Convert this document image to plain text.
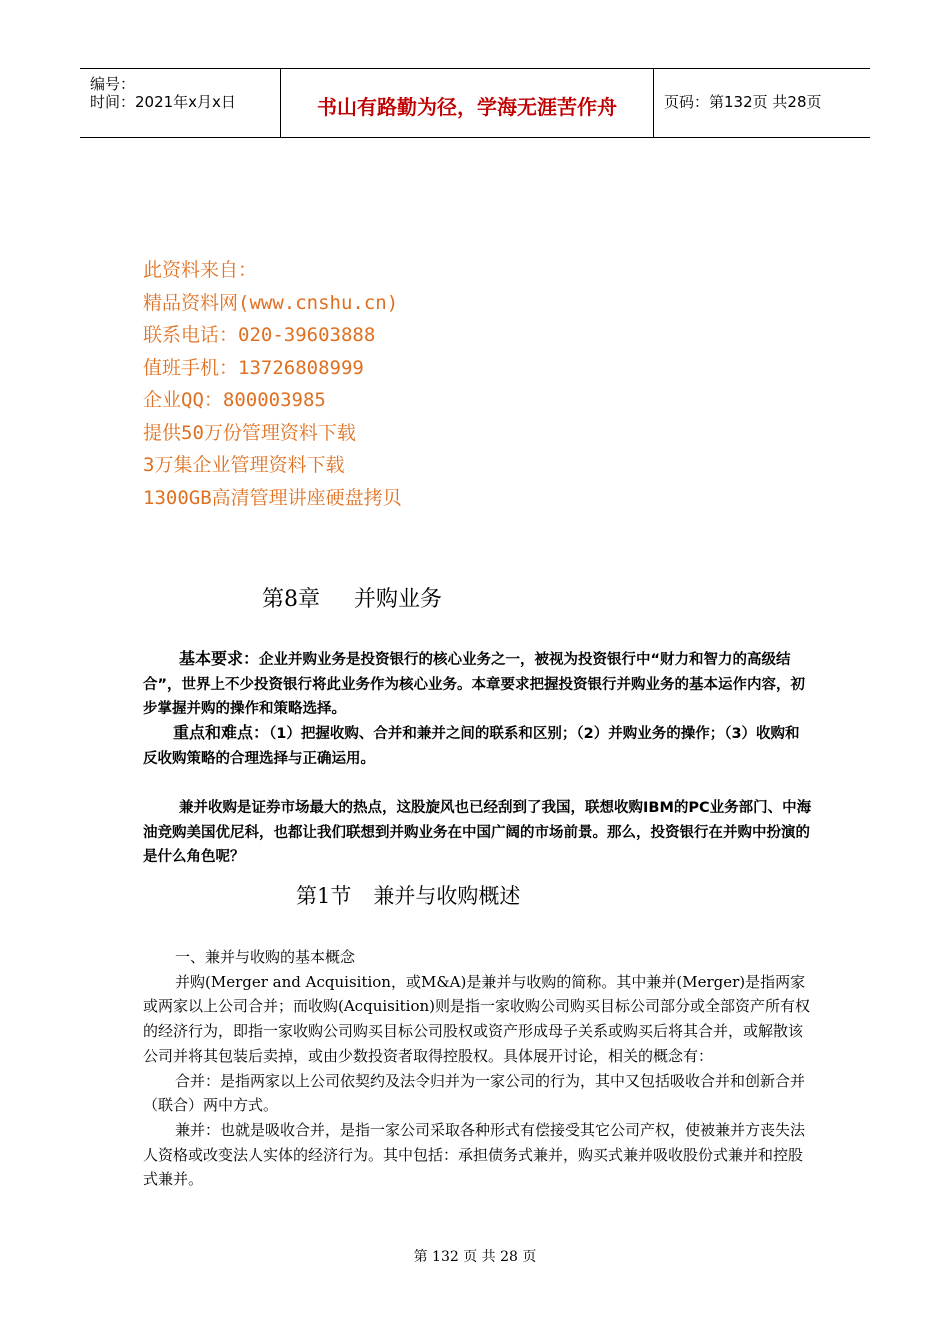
编号：
时间：2021年x月x日	书山有路勤为径，学海无涯苦作舟	页码：第132页 共28页
此资料来自：
精品资料网(www.cnshu.cn)
联系电话：020-39603888
值班手机：13726808999
企业QQ：800003985
提供50万份管理资料下载
3万集企业管理资料下载
1300GB高清管理讲座硬盘拷贝
第8章 并购业务
基本要求：企业并购业务是投资银行的核心业务之一，被视为投资银行中“财力和智力的高级结合”，世界上不少投资银行将此业务作为核心业务。本章要求把握投资银行并购业务的基本运作内容，初步掌握并购的操作和策略选择。
重点和难点：（1）把握收购、合并和兼并之间的联系和区别；（2）并购业务的操作；（3）收购和反收购策略的合理选择与正确运用。
兼并收购是证券市场最大的热点，这股旋风也已经刮到了我国，联想收购IBM的PC业务部门、中海油竞购美国优尼科，也都让我们联想到并购业务在中国广阔的市场前景。那么，投资银行在并购中扮演的是什么角色呢？
第1节 兼并与收购概述

一、兼并与收购的基本概念

并购(Merger and Acquisition，或M&A)是兼并与收购的简称。其中兼并(Merger)是指两家或两家以上公司合并；而收购(Acquisition)则是指一家收购公司购买目标公司部分或全部资产所有权的经济行为，即指一家收购公司购买目标公司股权或资产形成母子关系或购买后将其合并，或解散该公司并将其包装后卖掉，或由少数投资者取得控股权。具体展开讨论，相关的概念有：

合并：是指两家以上公司依契约及法令归并为一家公司的行为，其中又包括吸收合并和创新合并（联合）两中方式。

兼并：也就是吸收合并，是指一家公司采取各种形式有偿接受其它公司产权，使被兼并方丧失法人资格或改变法人实体的经济行为。其中包括：承担债务式兼并，购买式兼并吸收股份式兼并和控股式兼并。

第 132 页 共 28 页
